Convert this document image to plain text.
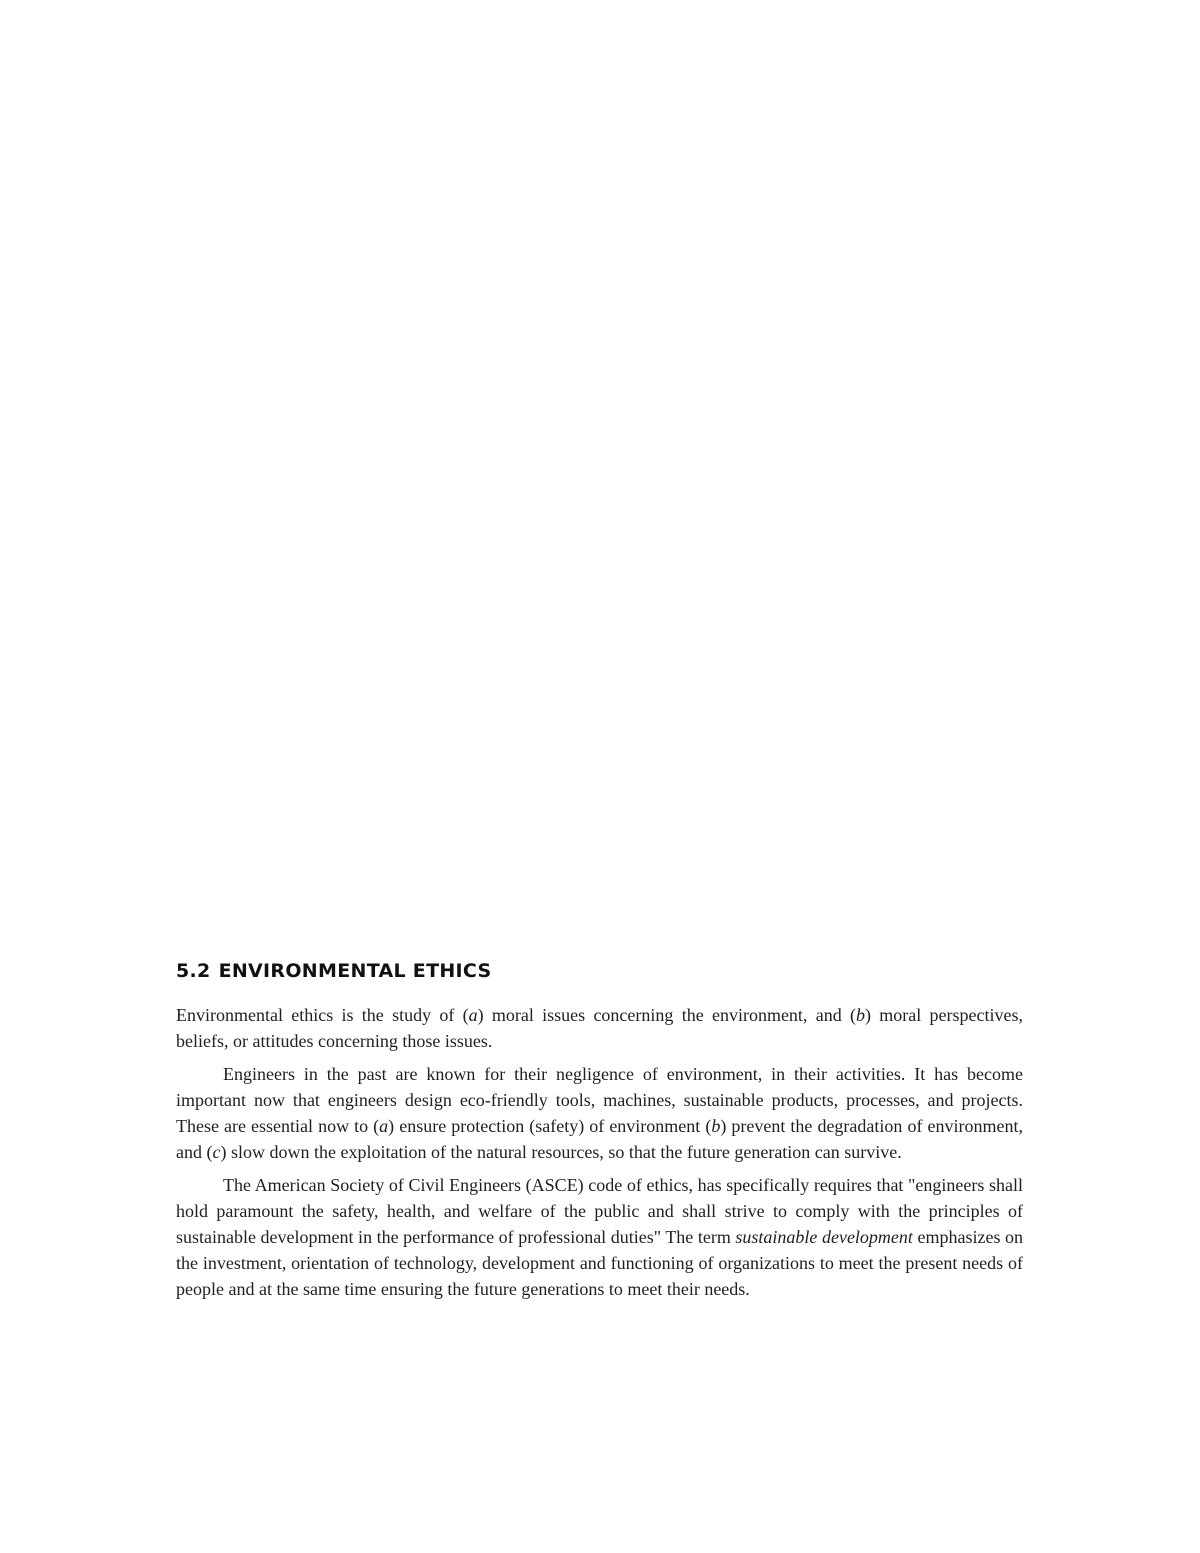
5.2 ENVIRONMENTAL ETHICS

Environmental ethics is the study of (a) moral issues concerning the environment, and (b) moral perspectives, beliefs, or attitudes concerning those issues.

Engineers in the past are known for their negligence of environment, in their activities. It has become important now that engineers design eco-friendly tools, machines, sustainable products, processes, and projects. These are essential now to (a) ensure protection (safety) of environment (b) prevent the degradation of environment, and (c) slow down the exploitation of the natural resources, so that the future generation can survive.

The American Society of Civil Engineers (ASCE) code of ethics, has specifically requires that "engineers shall hold paramount the safety, health, and welfare of the public and shall strive to comply with the principles of sustainable development in the performance of professional duties" The term sustainable development emphasizes on the investment, orientation of technology, development and functioning of organizations to meet the present needs of people and at the same time ensuring the future generations to meet their needs.
